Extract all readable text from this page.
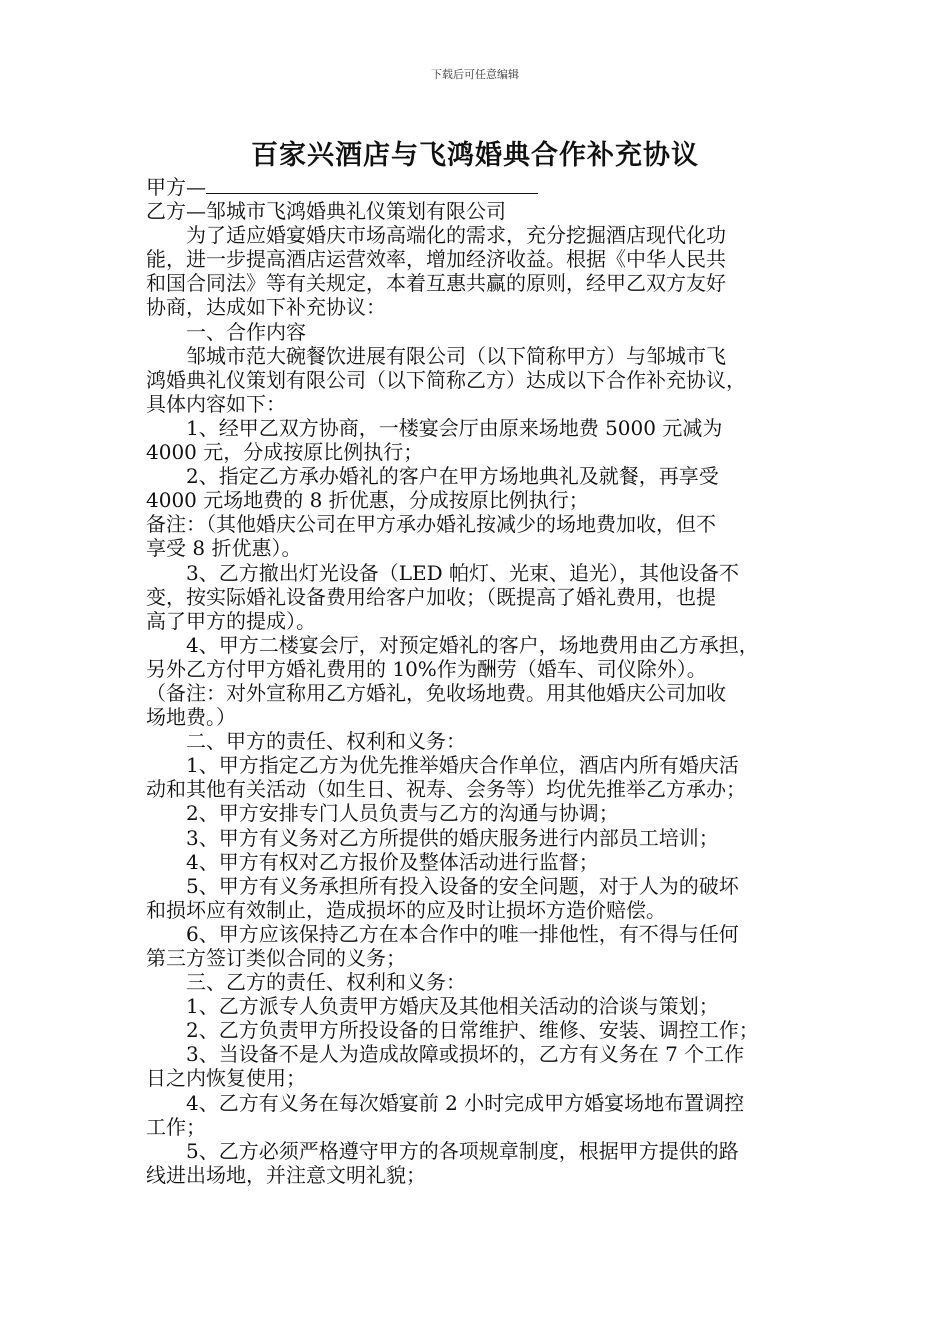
下载后可任意编辑
百家兴酒店与飞鸿婚典合作补充协议
甲方—
乙方—邹城市飞鸿婚典礼仪策划有限公司
为了适应婚宴婚庆市场高端化的需求，充分挖掘酒店现代化功
能，进一步提高酒店运营效率，增加经济收益。根据《中华人民共
和国合同法》等有关规定，本着互惠共赢的原则，经甲乙双方友好
协商，达成如下补充协议：
一、合作内容
邹城市范大碗餐饮进展有限公司（以下简称甲方）与邹城市飞
鸿婚典礼仪策划有限公司（以下简称乙方）达成以下合作补充协议，
具体内容如下：
1、经甲乙双方协商，一楼宴会厅由原来场地费 5000 元减为
4000 元，分成按原比例执行；
2、指定乙方承办婚礼的客户在甲方场地典礼及就餐，再享受
4000 元场地费的 8 折优惠，分成按原比例执行；
备注：（其他婚庆公司在甲方承办婚礼按减少的场地费加收，但不
享受 8 折优惠）。
3、乙方撤出灯光设备（LED 帕灯、光束、追光），其他设备不
变，按实际婚礼设备费用给客户加收；（既提高了婚礼费用，也提
高了甲方的提成）。
4、甲方二楼宴会厅，对预定婚礼的客户，场地费用由乙方承担，
另外乙方付甲方婚礼费用的 10%作为酬劳（婚车、司仪除外）。
（备注：对外宣称用乙方婚礼，免收场地费。用其他婚庆公司加收
场地费。）
二、甲方的责任、权利和义务：
1、甲方指定乙方为优先推举婚庆合作单位，酒店内所有婚庆活
动和其他有关活动（如生日、祝寿、会务等）均优先推举乙方承办；
2、甲方安排专门人员负责与乙方的沟通与协调；
3、甲方有义务对乙方所提供的婚庆服务进行内部员工培训；
4、甲方有权对乙方报价及整体活动进行监督；
5、甲方有义务承担所有投入设备的安全问题，对于人为的破坏
和损坏应有效制止，造成损坏的应及时让损坏方造价赔偿。
6、甲方应该保持乙方在本合作中的唯一排他性，有不得与任何
第三方签订类似合同的义务；
三、乙方的责任、权利和义务：
1、乙方派专人负责甲方婚庆及其他相关活动的洽谈与策划；
2、乙方负责甲方所投设备的日常维护、维修、安装、调控工作；
3、当设备不是人为造成故障或损坏的，乙方有义务在 7 个工作
日之内恢复使用；
4、乙方有义务在每次婚宴前 2 小时完成甲方婚宴场地布置调控
工作；
5、乙方必须严格遵守甲方的各项规章制度，根据甲方提供的路
线进出场地，并注意文明礼貌；
